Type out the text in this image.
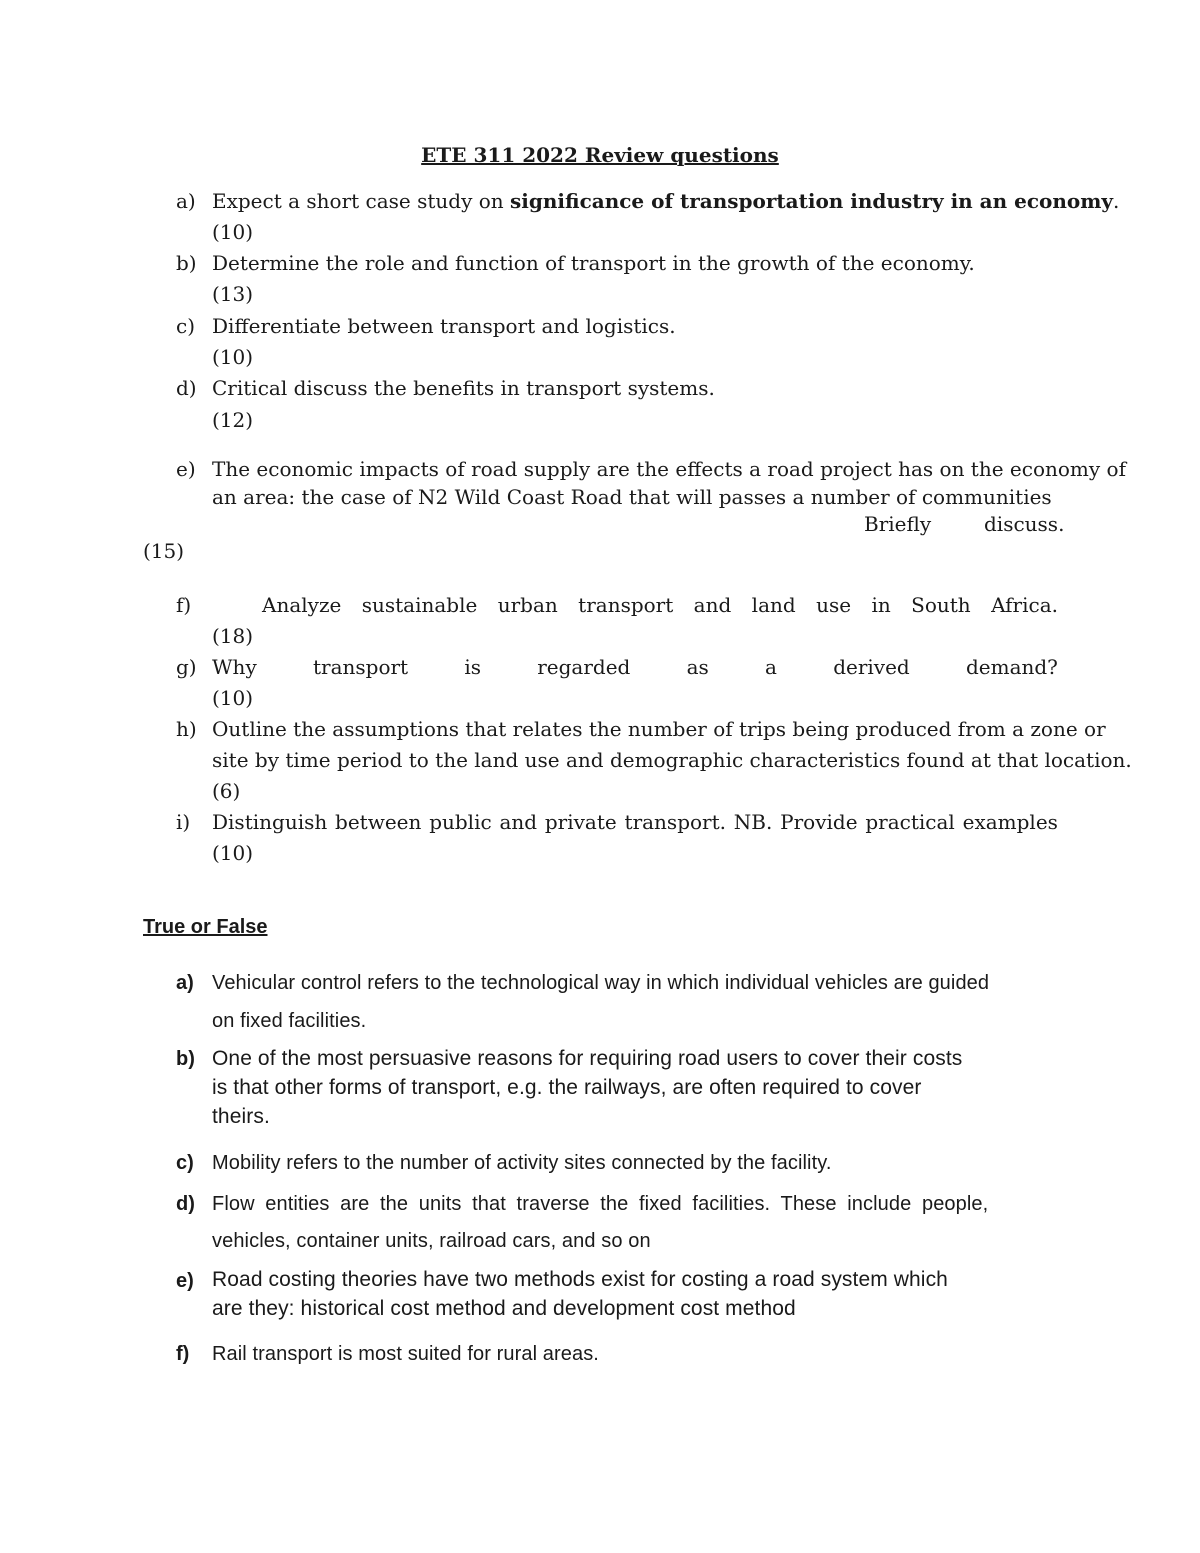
ETE 311 2022 Review questions
a) Expect a short case study on significance of transportation industry in an economy.
(10)
b) Determine the role and function of transport in the growth of the economy.
(13)
c) Differentiate between transport and logistics.
(10)
d) Critical discuss the benefits in transport systems.
(12)
e) The economic impacts of road supply are the effects a road project has on the economy of
an area: the case of N2 Wild Coast Road that will passes a number of communities
Briefly	discuss.
(15)
f)	Analyze sustainable urban transport and land use in South Africa.
(18)
g) Why	transport	is	regarded	as	a	derived	demand?
(10)
h) Outline the assumptions that relates the number of trips being produced from a zone or
site by time period to the land use and demographic characteristics found at that location.
(6)
i) Distinguish between public and private transport. NB. Provide practical examples
(10)
True or False
a) Vehicular control refers to the technological way in which individual vehicles are guided
on fixed facilities.
b) One of the most persuasive reasons for requiring road users to cover their costs
is that other forms of transport, e.g. the railways, are often required to cover
theirs.
c) Mobility refers to the number of activity sites connected by the facility.
d) Flow entities are the units that traverse the fixed facilities. These include people,
vehicles, container units, railroad cars, and so on
e) Road costing theories have two methods exist for costing a road system which
are they: historical cost method and development cost method
f) Rail transport is most suited for rural areas.
